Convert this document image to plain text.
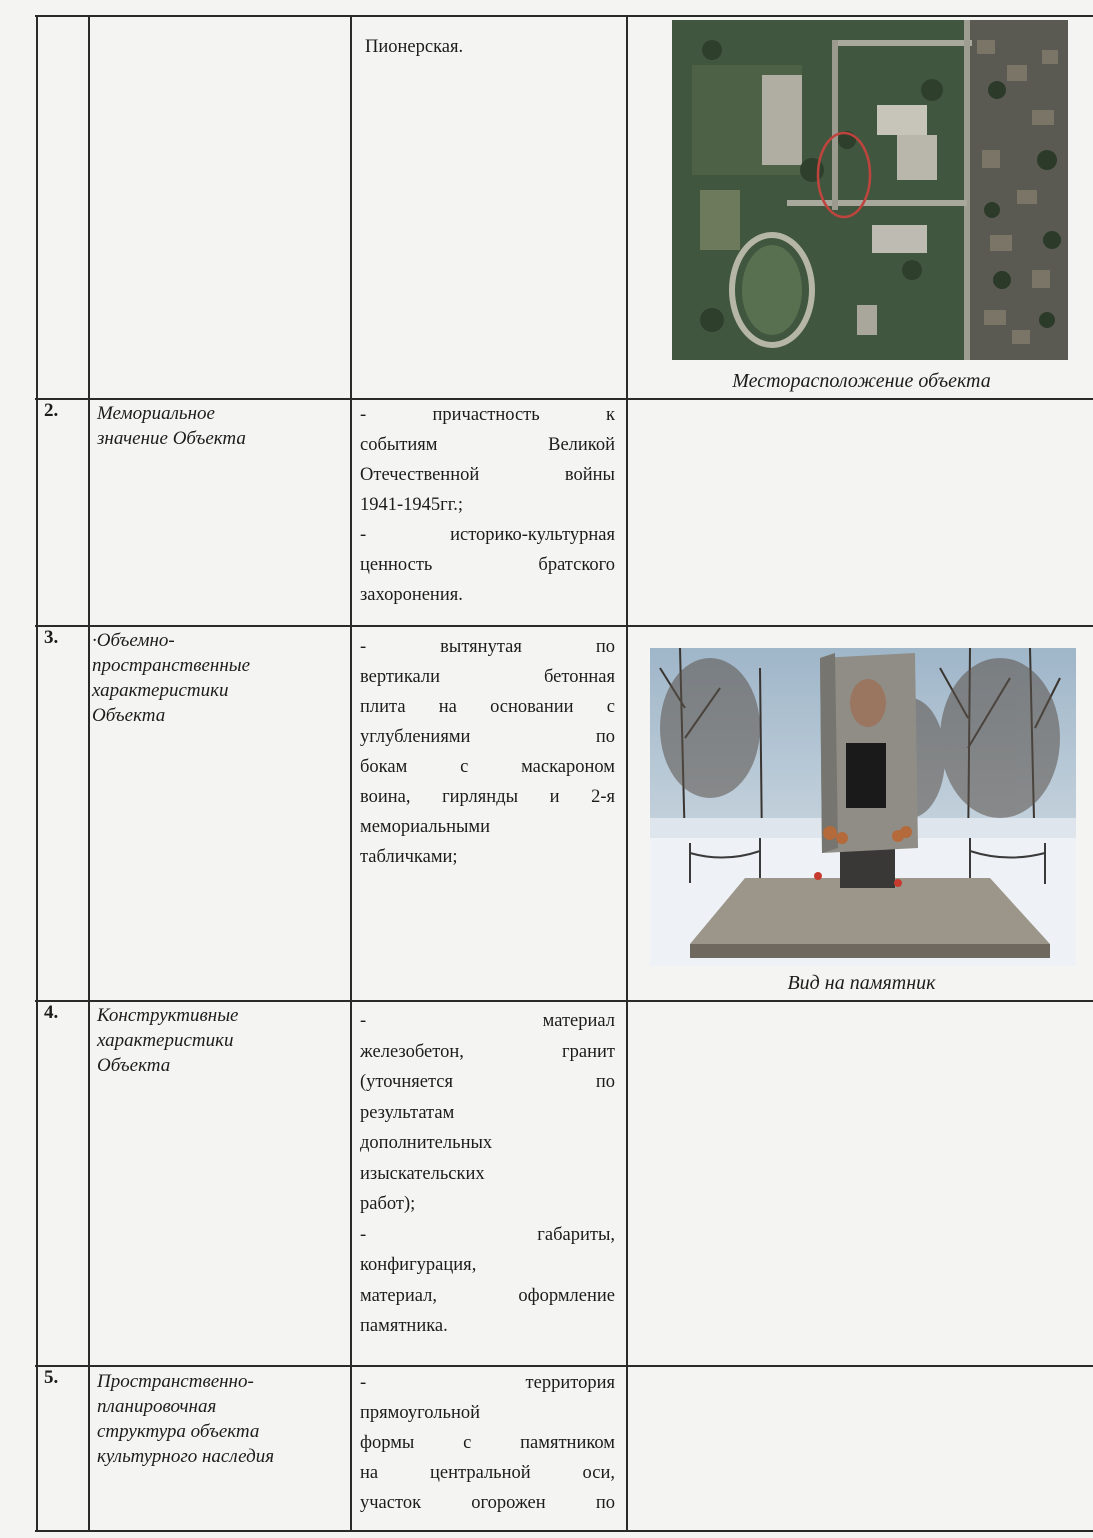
Пионерская.
Месторасположение объекта
2. Мемориальное
значение Объекта
- причастность к
событиям Великой
Отечественной войны
1941-1945гг.;
- историко-культурная
ценность братского
захоронения.
3. ·Объемно-
пространственные
характеристики
Объекта
- вытянутая по
вертикали бетонная
плита на основании с
углублениями по
бокам с маскароном
воина, гирлянды и 2-я
мемориальными
табличками;
Вид на памятник
4. Конструктивные
характеристики
Объекта
- материал
железобетон, гранит
(уточняется по
результатам
дополнительных
изыскательских
работ);
- габариты,
конфигурация,
материал, оформление
памятника.
5. Пространственно-
планировочная
структура объекта
культурного наследия
- территория
прямоугольной
формы с памятником
на центральной оси,
участок огорожен по
